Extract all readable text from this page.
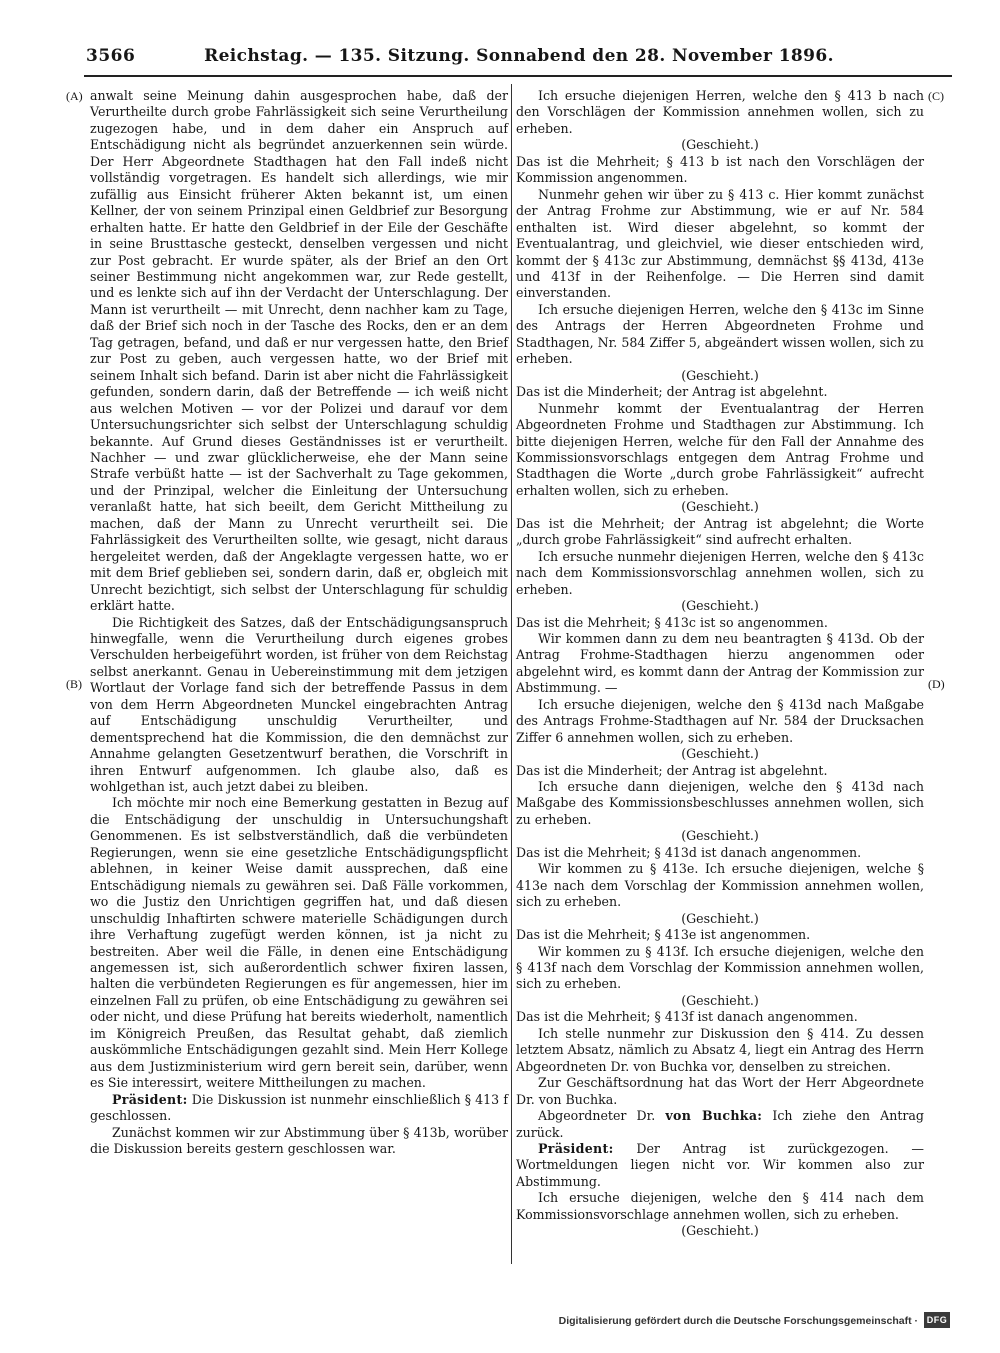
3566	Reichstag. — 135. Sitzung. Sonnabend den 28. November 1896.
(A)
(B)
(C)
(D)

anwalt seine Meinung dahin ausgesprochen habe, daß der Verurtheilte durch grobe Fahrlässigkeit sich seine Verurtheilung zugezogen habe, und in dem daher ein Anspruch auf Entschädigung nicht als begründet anzuerkennen sein würde. Der Herr Abgeordnete Stadthagen hat den Fall indeß nicht vollständig vorgetragen. Es handelt sich allerdings, wie mir zufällig aus Einsicht früherer Akten bekannt ist, um einen Kellner, der von seinem Prinzipal einen Geldbrief zur Besorgung erhalten hatte. Er hatte den Geldbrief in der Eile der Geschäfte in seine Brusttasche gesteckt, denselben vergessen und nicht zur Post gebracht. Er wurde später, als der Brief an den Ort seiner Bestimmung nicht angekommen war, zur Rede gestellt, und es lenkte sich auf ihn der Verdacht der Unterschlagung. Der Mann ist verurtheilt — mit Unrecht, denn nachher kam zu Tage, daß der Brief sich noch in der Tasche des Rocks, den er an dem Tag getragen, befand, und daß er nur vergessen hatte, den Brief zur Post zu geben, auch vergessen hatte, wo der Brief mit seinem Inhalt sich befand. Darin ist aber nicht die Fahrlässigkeit gefunden, sondern darin, daß der Betreffende — ich weiß nicht aus welchen Motiven — vor der Polizei und darauf vor dem Untersuchungsrichter sich selbst der Unterschlagung schuldig bekannte. Auf Grund dieses Geständnisses ist er verurtheilt. Nachher — und zwar glücklicherweise, ehe der Mann seine Strafe verbüßt hatte — ist der Sachverhalt zu Tage gekommen, und der Prinzipal, welcher die Einleitung der Untersuchung veranlaßt hatte, hat sich beeilt, dem Gericht Mittheilung zu machen, daß der Mann zu Unrecht verurtheilt sei. Die Fahrlässigkeit des Verurtheilten sollte, wie gesagt, nicht daraus hergeleitet werden, daß der Angeklagte vergessen hatte, wo er mit dem Brief geblieben sei, sondern darin, daß er, obgleich mit Unrecht bezichtigt, sich selbst der Unterschlagung für schuldig erklärt hatte.

Die Richtigkeit des Satzes, daß der Entschädigungsanspruch hinwegfalle, wenn die Verurtheilung durch eigenes grobes Verschulden herbeigeführt worden, ist früher von dem Reichstag selbst anerkannt. Genau in Uebereinstimmung mit dem jetzigen Wortlaut der Vorlage fand sich der betreffende Passus in dem von dem Herrn Abgeordneten Munckel eingebrachten Antrag auf Entschädigung unschuldig Verurtheilter, und dementsprechend hat die Kommission, die den demnächst zur Annahme gelangten Gesetzentwurf berathen, die Vorschrift in ihren Entwurf aufgenommen. Ich glaube also, daß es wohlgethan ist, auch jetzt dabei zu bleiben.

Ich möchte mir noch eine Bemerkung gestatten in Bezug auf die Entschädigung der unschuldig in Untersuchungshaft Genommenen. Es ist selbstverständlich, daß die verbündeten Regierungen, wenn sie eine gesetzliche Entschädigungspflicht ablehnen, in keiner Weise damit aussprechen, daß eine Entschädigung niemals zu gewähren sei. Daß Fälle vorkommen, wo die Justiz den Unrichtigen gegriffen hat, und daß diesen unschuldig Inhaftirten schwere materielle Schädigungen durch ihre Verhaftung zugefügt werden können, ist ja nicht zu bestreiten. Aber weil die Fälle, in denen eine Entschädigung angemessen ist, sich außerordentlich schwer fixiren lassen, halten die verbündeten Regierungen es für angemessen, hier im einzelnen Fall zu prüfen, ob eine Entschädigung zu gewähren sei oder nicht, und diese Prüfung hat bereits wiederholt, namentlich im Königreich Preußen, das Resultat gehabt, daß ziemlich auskömmliche Entschädigungen gezahlt sind. Mein Herr Kollege aus dem Justizministerium wird gern bereit sein, darüber, wenn es Sie interessirt, weitere Mittheilungen zu machen.

Präsident: Die Diskussion ist nunmehr einschließlich § 413 f geschlossen.

Zunächst kommen wir zur Abstimmung über § 413b, worüber die Diskussion bereits gestern geschlossen war.

Ich ersuche diejenigen Herren, welche den § 413 b nach den Vorschlägen der Kommission annehmen wollen, sich zu erheben.

(Geschieht.)

Das ist die Mehrheit; § 413 b ist nach den Vorschlägen der Kommission angenommen.

Nunmehr gehen wir über zu § 413 c. Hier kommt zunächst der Antrag Frohme zur Abstimmung, wie er auf Nr. 584 enthalten ist. Wird dieser abgelehnt, so kommt der Eventualantrag, und gleichviel, wie dieser entschieden wird, kommt der § 413c zur Abstimmung, demnächst §§ 413d, 413e und 413f in der Reihenfolge. — Die Herren sind damit einverstanden.

Ich ersuche diejenigen Herren, welche den § 413c im Sinne des Antrags der Herren Abgeordneten Frohme und Stadthagen, Nr. 584 Ziffer 5, abgeändert wissen wollen, sich zu erheben.

(Geschieht.)

Das ist die Minderheit; der Antrag ist abgelehnt.

Nunmehr kommt der Eventualantrag der Herren Abgeordneten Frohme und Stadthagen zur Abstimmung. Ich bitte diejenigen Herren, welche für den Fall der Annahme des Kommissionsvorschlags entgegen dem Antrag Frohme und Stadthagen die Worte „durch grobe Fahrlässigkeit“ aufrecht erhalten wollen, sich zu erheben.

(Geschieht.)

Das ist die Mehrheit; der Antrag ist abgelehnt; die Worte „durch grobe Fahrlässigkeit“ sind aufrecht erhalten.

Ich ersuche nunmehr diejenigen Herren, welche den § 413c nach dem Kommissionsvorschlag annehmen wollen, sich zu erheben.

(Geschieht.)

Das ist die Mehrheit; § 413c ist so angenommen.

Wir kommen dann zu dem neu beantragten § 413d. Ob der Antrag Frohme-Stadthagen hierzu angenommen oder abgelehnt wird, es kommt dann der Antrag der Kommission zur Abstimmung. —

Ich ersuche diejenigen, welche den § 413d nach Maßgabe des Antrags Frohme-Stadthagen auf Nr. 584 der Drucksachen Ziffer 6 annehmen wollen, sich zu erheben.

(Geschieht.)

Das ist die Minderheit; der Antrag ist abgelehnt.

Ich ersuche dann diejenigen, welche den § 413d nach Maßgabe des Kommissionsbeschlusses annehmen wollen, sich zu erheben.

(Geschieht.)

Das ist die Mehrheit; § 413d ist danach angenommen.

Wir kommen zu § 413e. Ich ersuche diejenigen, welche § 413e nach dem Vorschlag der Kommission annehmen wollen, sich zu erheben.

(Geschieht.)

Das ist die Mehrheit; § 413e ist angenommen.

Wir kommen zu § 413f. Ich ersuche diejenigen, welche den § 413f nach dem Vorschlag der Kommission annehmen wollen, sich zu erheben.

(Geschieht.)

Das ist die Mehrheit; § 413f ist danach angenommen.

Ich stelle nunmehr zur Diskussion den § 414. Zu dessen letztem Absatz, nämlich zu Absatz 4, liegt ein Antrag des Herrn Abgeordneten Dr. von Buchka vor, denselben zu streichen.

Zur Geschäftsordnung hat das Wort der Herr Abgeordnete Dr. von Buchka.

Abgeordneter Dr. von Buchka: Ich ziehe den Antrag zurück.

Präsident: Der Antrag ist zurückgezogen. — Wortmeldungen liegen nicht vor. Wir kommen also zur Abstimmung.

Ich ersuche diejenigen, welche den § 414 nach dem Kommissionsvorschlage annehmen wollen, sich zu erheben.

(Geschieht.)

Digitalisierung gefördert durch die Deutsche Forschungsgemeinschaft · DFG
